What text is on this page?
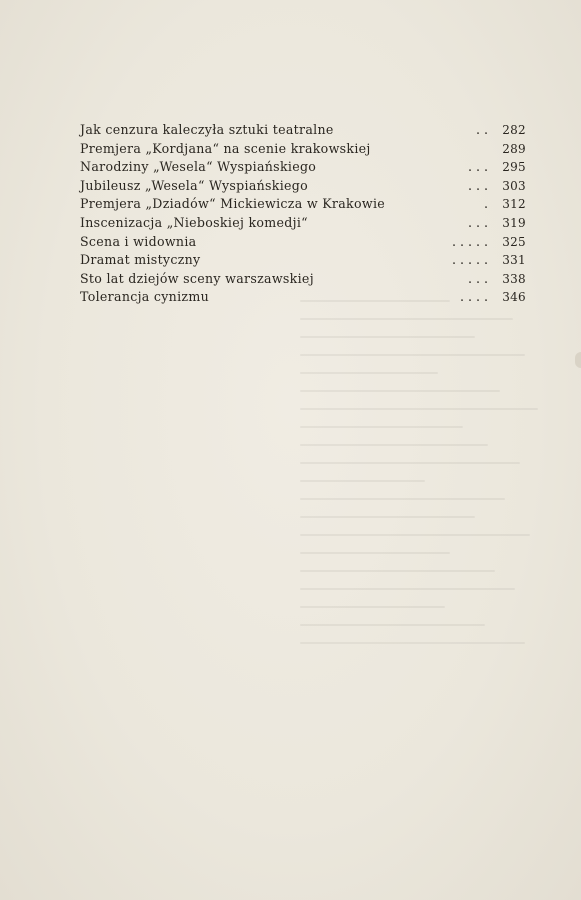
Jak cenzura kaleczyła sztuki teatralne	. .	282
Premjera „Kordjana“ na scenie krakowskiej	289
Narodziny „Wesela“ Wyspiańskiego	. . .	295
Jubileusz „Wesela“ Wyspiańskiego	. . .	303
Premjera „Dziadów“ Mickiewicza w Krakowie	.	312
Inscenizacja „Nieboskiej komedji“	. . .	319
Scena i widownia	. . . . .	325
Dramat mistyczny	. . . . .	331
Sto lat dziejów sceny warszawskiej	. . .	338
Tolerancja cynizmu	. . . .	346
